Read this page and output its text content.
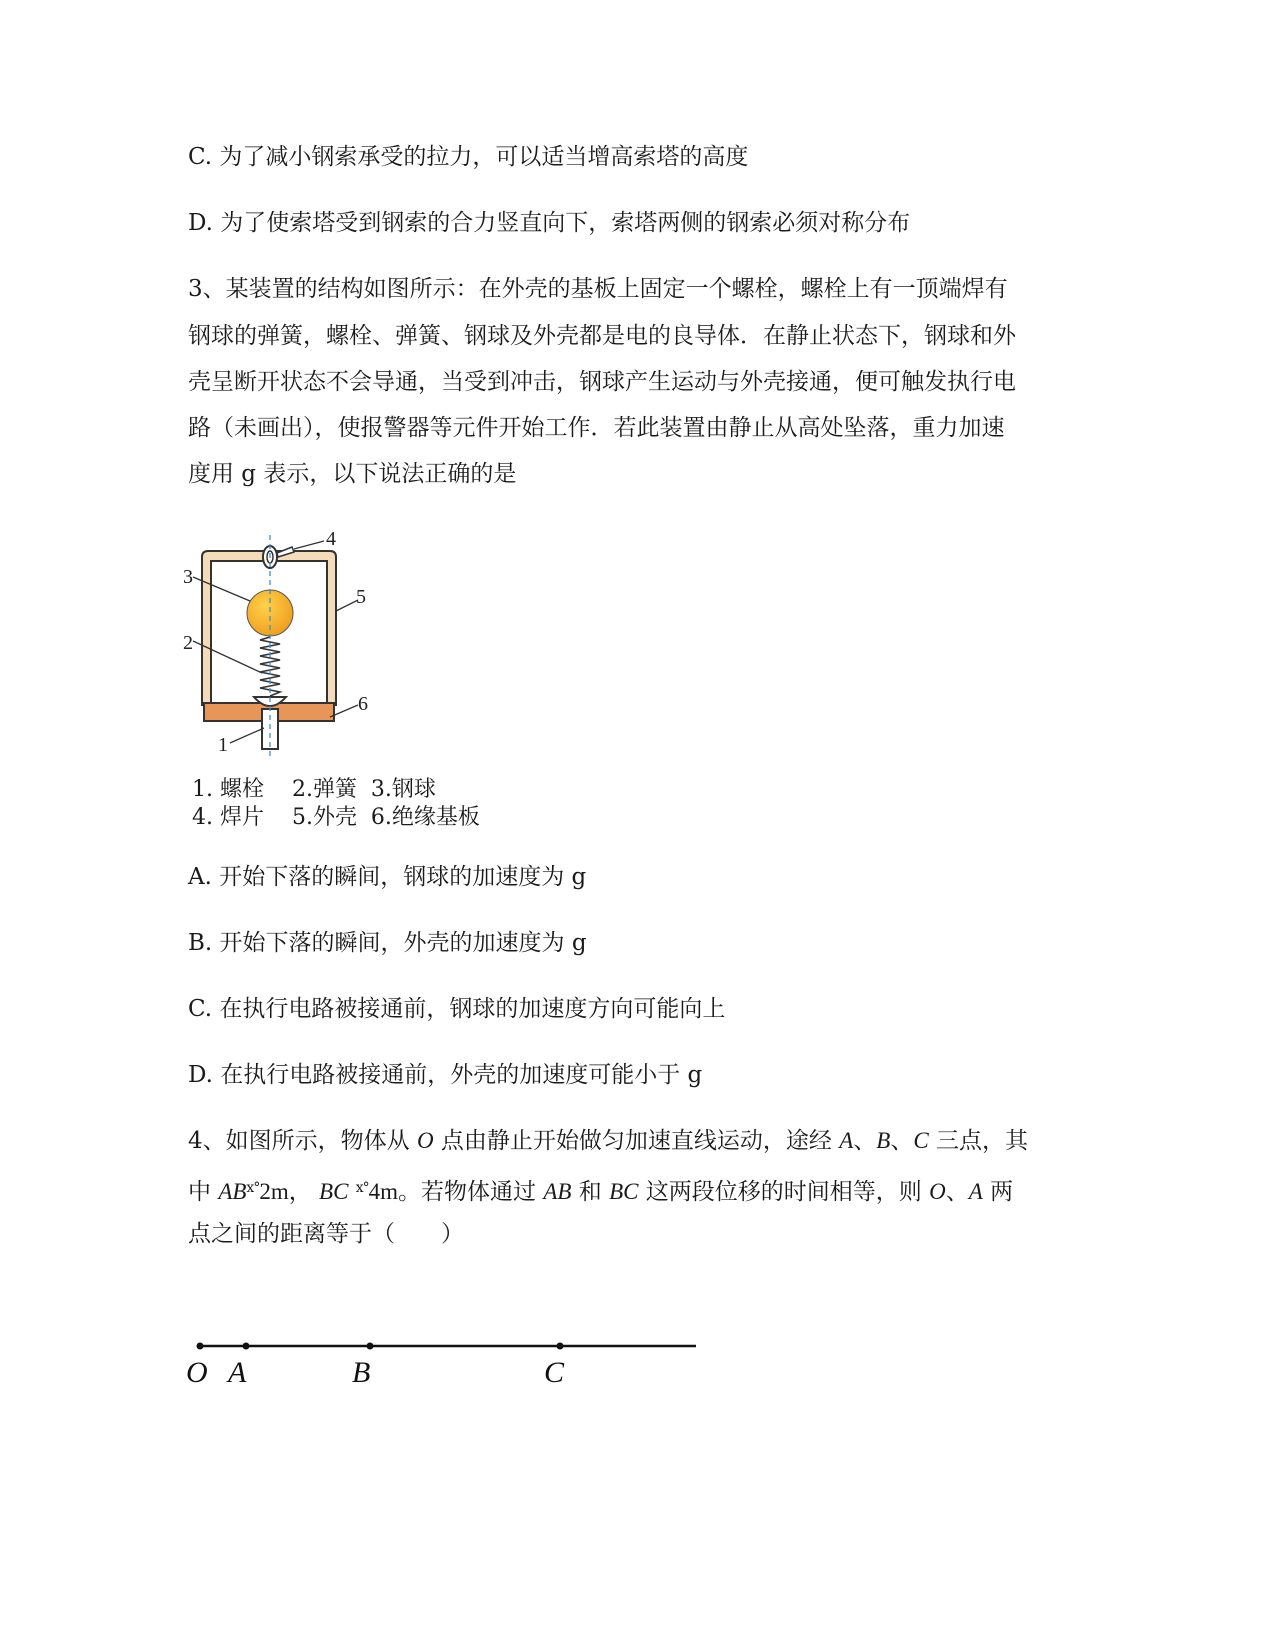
C. 为了减小钢索承受的拉力，可以适当增高索塔的高度
D. 为了使索塔受到钢索的合力竖直向下，索塔两侧的钢索必须对称分布
3、某装置的结构如图所示：在外壳的基板上固定一个螺栓，螺栓上有一顶端焊有
钢球的弹簧，螺栓、弹簧、钢球及外壳都是电的良导体．在静止状态下，钢球和外
壳呈断开状态不会导通，当受到冲击，钢球产生运动与外壳接通，便可触发执行电
路（未画出），使报警器等元件开始工作．若此装置由静止从高处坠落，重力加速
度用 g 表示，以下说法正确的是
4
3
5
2
6
1
1. 螺栓    2.弹簧  3.钢球
4. 焊片    5.外壳  6.绝缘基板
A. 开始下落的瞬间，钢球的加速度为 g
B. 开始下落的瞬间，外壳的加速度为 g
C. 在执行电路被接通前，钢球的加速度方向可能向上
D. 在执行电路被接通前，外壳的加速度可能小于 g
4、如图所示，物体从 O 点由静止开始做匀加速直线运动，途经 A、B、C 三点，其
中 $AB^{ⅹ^\circ}2m$， BC $^{ⅹ^\circ}$4m。若物体通过 AB 和 BC 这两段位移的时间相等，则 O、A 两
点之间的距离等于（　　）
O A	B	C
